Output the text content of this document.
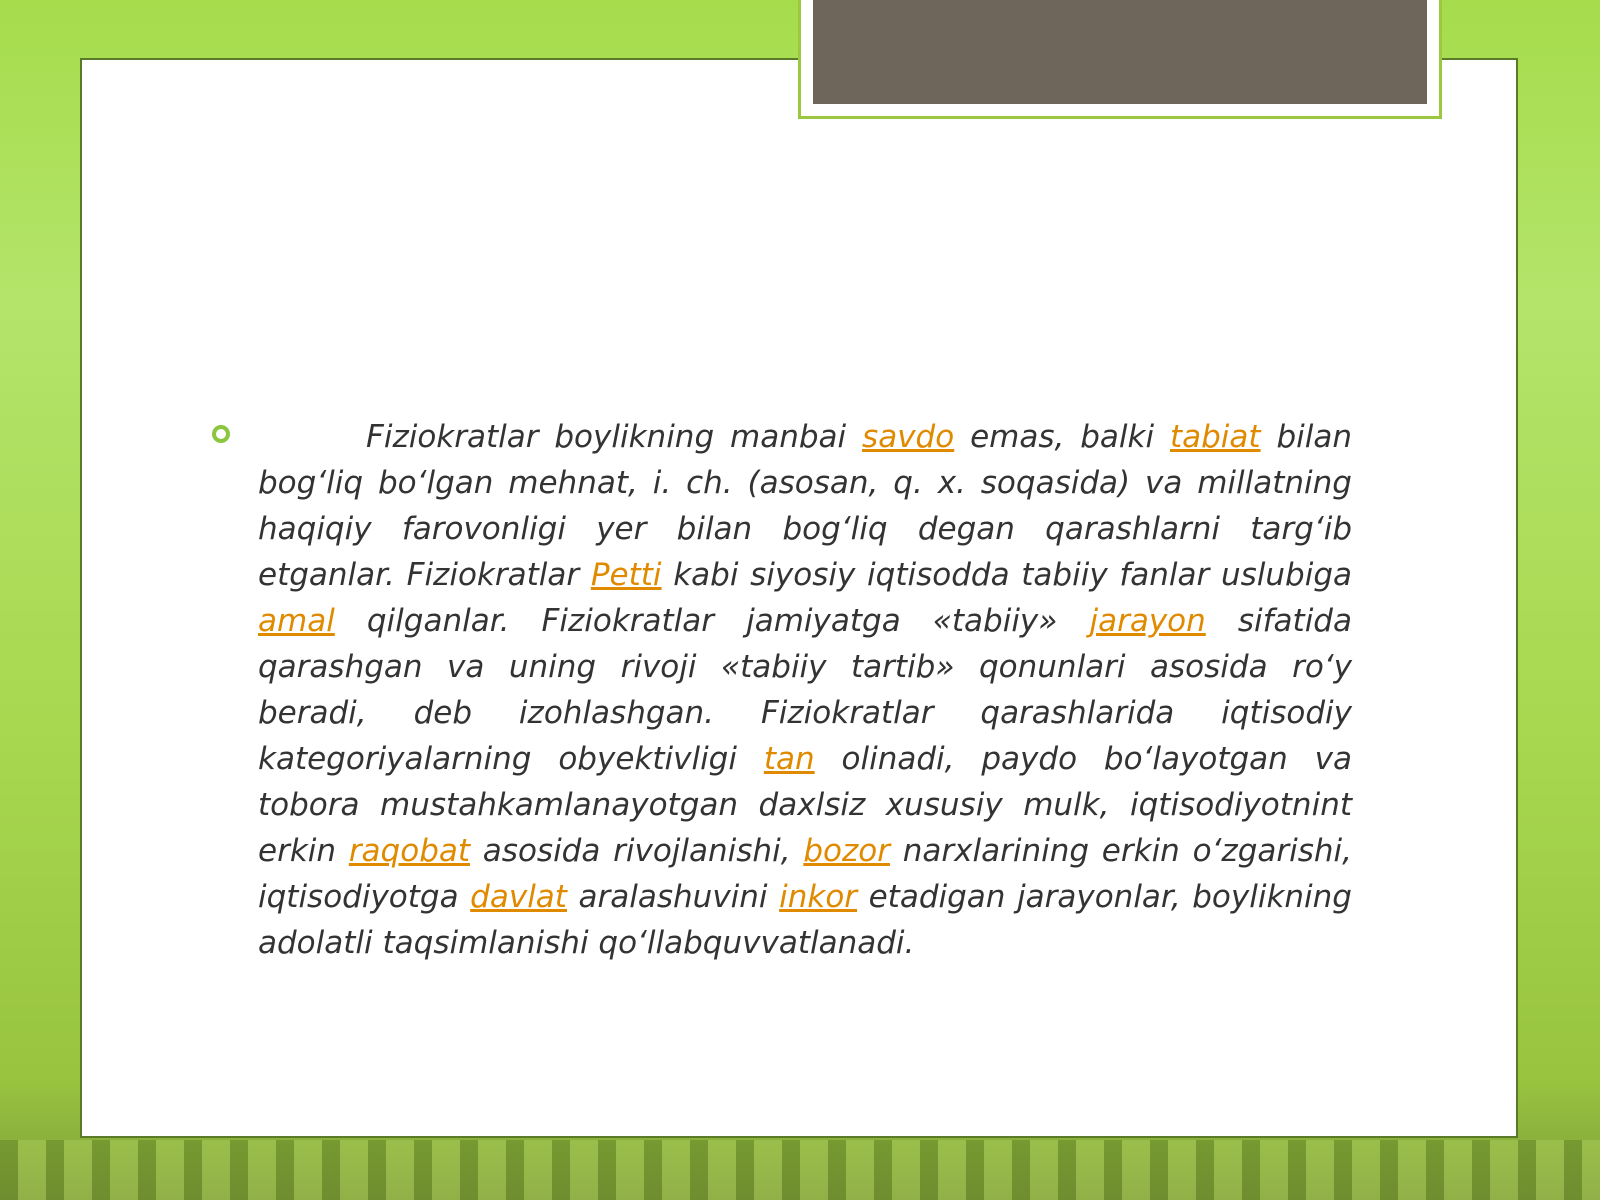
Fiziokratlar boylikning manbai savdo emas, balki tabiat bilan bogʻliq boʻlgan mehnat, i. ch. (asosan, q. x. soqasida) va millatning haqiqiy farovonligi yer bilan bogʻliq degan qarashlarni targʻib etganlar. Fiziokratlar Petti kabi siyosiy iqtisodda tabiiy fanlar uslubiga amal qilganlar. Fiziokratlar jamiyatga «tabiiy» jarayon sifatida qarashgan va uning rivoji «tabiiy tartib» qonunlari asosida roʻy beradi, deb izohlashgan. Fiziokratlar qarashlarida iqtisodiy kategoriyalarning obyektivligi tan olinadi, paydo boʻlayotgan va tobora mustahkamlanayotgan daxlsiz xususiy mulk, iqtisodiyotnint erkin raqobat asosida rivojlanishi, bozor narxlarining erkin oʻzgarishi, iqtisodiyotga davlat aralashuvini inkor etadigan jarayonlar, boylikning adolatli taqsimlanishi qoʻllabquvvatlanadi.
